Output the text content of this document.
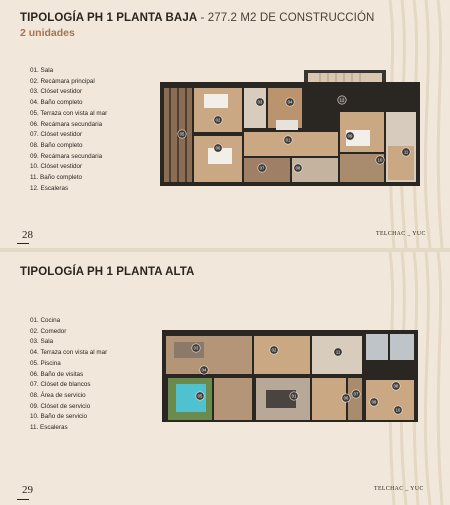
TIPOLOGÍA PH 1 PLANTA BAJA - 277.2 M2 DE CONSTRUCCIÓN
2 unidades
01. Sala
02. Recámara principal
03. Clóset vestidor
04. Baño completo
05. Terraza con vista al mar
06. Recámara secundaria
07. Clóset vestidor
08. Baño completo
09. Recámara secundaria
10. Clóset vestidor
11. Baño completo
12. Escaleras
01
02
03	04
05
06
07	08
09
10
11
12
28	TELCHAC _ YUC
TIPOLOGÍA PH 1 PLANTA ALTA
01. Cocina
02. Comedor
03. Sala
04. Terraza con vista al mar
05. Piscina
06. Baño de visitas
07. Clóset de blancos
08. Área de servicio
09. Clóset de servicio
10. Baño de servicio
11. Escaleras
01
02
03
04
05	06
07
08
09
10
11
29	TELCHAC _ YUC
